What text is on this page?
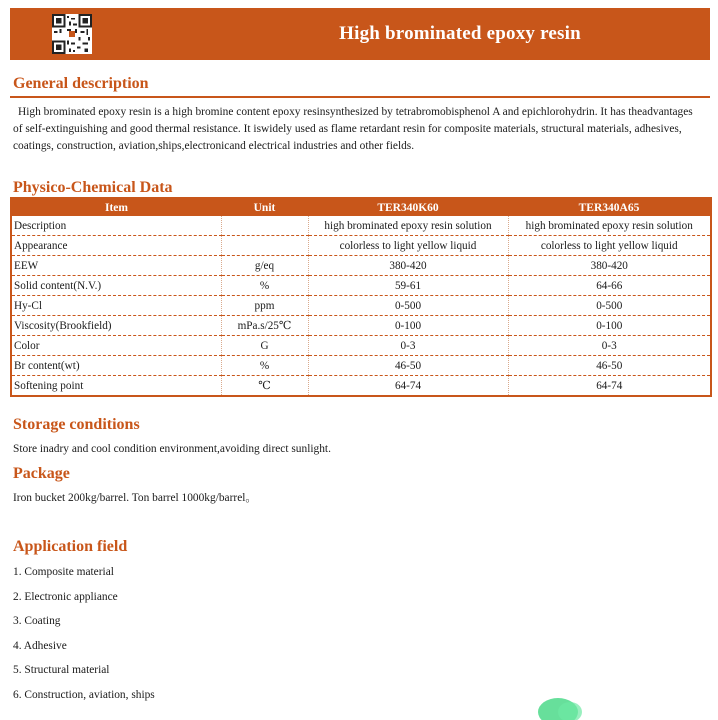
High brominated epoxy resin
General description

High brominated epoxy resin is a high bromine content epoxy resinsynthesized by tetrabromobisphenol A and epichlorohydrin. It has theadvantages of self-extinguishing and good thermal resistance. It iswidely used as flame retardant resin for composite materials, structural materials, adhesives, coatings, construction, aviation,ships,electronicand electrical industries and other fields.

Physico-Chemical Data
Item	Unit	TER340K60	TER340A65
Description		high brominated epoxy resin solution	high brominated epoxy resin solution
Appearance		colorless to light yellow liquid	colorless to light yellow liquid
EEW	g/eq	380-420	380-420
Solid content(N.V.)	%	59-61	64-66
Hy-Cl	ppm	0-500	0-500
Viscosity(Brookfield)	mPa.s/25℃	0-100	0-100
Color	G	0-3	0-3
Br content(wt)	%	46-50	46-50
Softening point	℃	64-74	64-74
Storage conditions

Store inadry and cool condition environment,avoiding direct sunlight.

Package

Iron bucket 200kg/barrel. Ton barrel 1000kg/barrel。

Application field
1. Composite material
2. Electronic appliance
3. Coating
4. Adhesive
5. Structural material
6. Construction, aviation, ships
